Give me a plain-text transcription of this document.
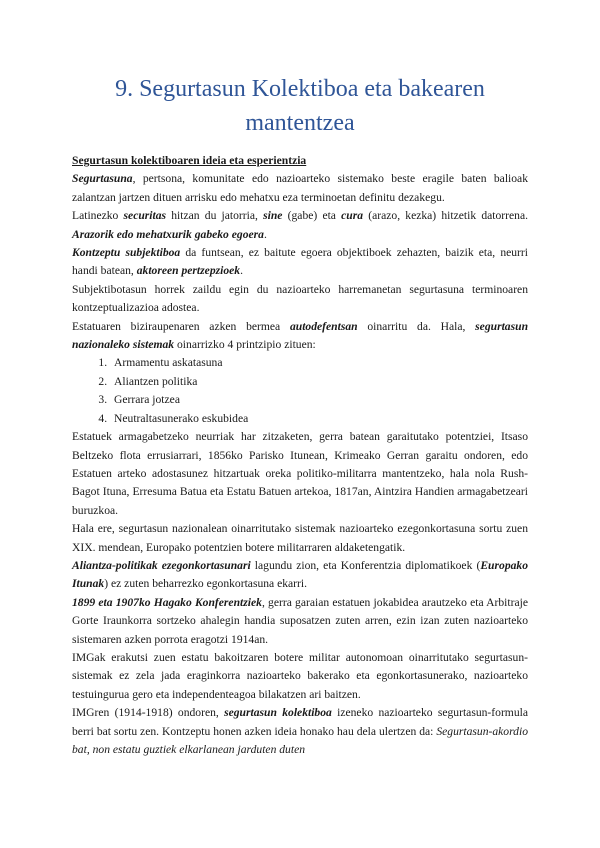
9. Segurtasun Kolektiboa eta bakearen mantentzea

Segurtasun kolektiboaren ideia eta esperientzia

Segurtasuna, pertsona, komunitate edo nazioarteko sistemako beste eragile baten balioak zalantzan jartzen dituen arrisku edo mehatxu eza terminoetan definitu dezakegu.

Latinezko securitas hitzan du jatorria, sine (gabe) eta cura (arazo, kezka) hitzetik datorrena. Arazorik edo mehatxurik gabeko egoera.

Kontzeptu subjektiboa da funtsean, ez baitute egoera objektiboek zehazten, baizik eta, neurri handi batean, aktoreen pertzepzioek.

Subjektibotasun horrek zaildu egin du nazioarteko harremanetan segurtasuna terminoaren kontzeptualizazioa adostea.

Estatuaren biziraupenaren azken bermea autodefentsan oinarritu da. Hala, segurtasun nazionaleko sistemak oinarrizko 4 printzipio zituen:

1. Armamentu askatasuna
2. Aliantzen politika
3. Gerrara jotzea
4. Neutraltasunerako eskubidea

Estatuek armagabetzeko neurriak har zitzaketen, gerra batean garaitutako potentziei, Itsaso Beltzeko flota errusiarrari, 1856ko Parisko Itunean, Krimeako Gerran garaitu ondoren, edo Estatuen arteko adostasunez hitzartuak oreka politiko-militarra mantentzeko, hala nola Rush-Bagot Ituna, Erresuma Batua eta Estatu Batuen artekoa, 1817an, Aintzira Handien armagabetzeari buruzkoa.

Hala ere, segurtasun nazionalean oinarritutako sistemak nazioarteko ezegonkortasuna sortu zuen XIX. mendean, Europako potentzien botere militarraren aldaketengatik.

Aliantza-politikak ezegonkortasunari lagundu zion, eta Konferentzia diplomatikoek (Europako Itunak) ez zuten beharrezko egonkortasuna ekarri.

1899 eta 1907ko Hagako Konferentziek, gerra garaian estatuen jokabidea arautzeko eta Arbitraje Gorte Iraunkorra sortzeko ahalegin handia suposatzen zuten arren, ezin izan zuten nazioarteko sistemaren azken porrota eragotzi 1914an.

IMGak erakutsi zuen estatu bakoitzaren botere militar autonomoan oinarritutako segurtasun-sistemak ez zela jada eraginkorra nazioarteko bakerako eta egonkortasunerako, nazioarteko testuingurua gero eta independenteagoa bilakatzen ari baitzen.

IMGren (1914-1918) ondoren, segurtasun kolektiboa izeneko nazioarteko segurtasun-formula berri bat sortu zen. Kontzeptu honen azken ideia honako hau dela ulertzen da: Segurtasun-akordio bat, non estatu guztiek elkarlanean jarduten duten
